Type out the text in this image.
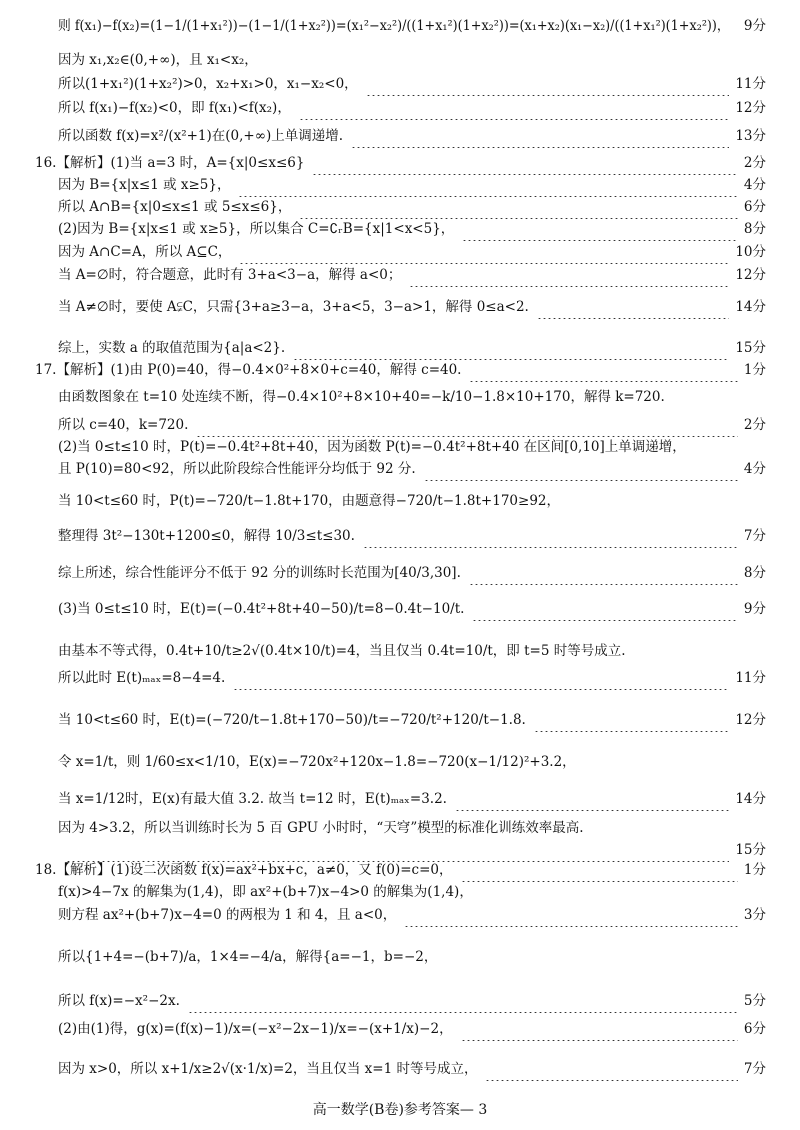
则 f(x₁)−f(x₂)=(1−1/(1+x₁²))−(1−1/(1+x₂²))=(x₁²−x₂²)/((1+x₁²)(1+x₂²))=(x₁+x₂)(x₁−x₂)/((1+x₁²)(1+x₂²))， 9分
因为 x₁,x₂∈(0,+∞)，且 x₁<x₂，
所以(1+x₁²)(1+x₂²)>0，x₂+x₁>0，x₁−x₂<0，	11分
所以 f(x₁)−f(x₂)<0，即 f(x₁)<f(x₂)，	12分
所以函数 f(x)=x²/(x²+1)在(0,+∞)上单调递增.	13分
16.【解析】(1)当 a=3 时，A={x|0≤x≤6}	2分
因为 B={x|x≤1 或 x≥5}，	4分
所以 A∩B={x|0≤x≤1 或 5≤x≤6}，	6分
(2)因为 B={x|x≤1 或 x≥5}，所以集合 C=∁ᵣB={x|1<x<5}，	8分
因为 A∩C=A，所以 A⊆C，	10分
当 A=∅时，符合题意，此时有 3+a<3−a，解得 a<0；	12分
当 A≠∅时，要使 A⫋C，只需{3+a≥3−a，3+a<5，3−a>1，解得 0≤a<2.	14分
综上，实数 a 的取值范围为{a|a<2}.	15分
17.【解析】(1)由 P(0)=40，得−0.4×0²+8×0+c=40，解得 c=40.	1分
由函数图象在 t=10 处连续不断，得−0.4×10²+8×10+40=−k/10−1.8×10+170，解得 k=720.
所以 c=40，k=720.	2分
(2)当 0≤t≤10 时，P(t)=−0.4t²+8t+40，因为函数 P(t)=−0.4t²+8t+40 在区间[0,10]上单调递增，
且 P(10)=80<92，所以此阶段综合性能评分均低于 92 分.	4分
当 10<t≤60 时，P(t)=−720/t−1.8t+170，由题意得−720/t−1.8t+170≥92，
整理得 3t²−130t+1200≤0，解得 10/3≤t≤30.	7分
综上所述，综合性能评分不低于 92 分的训练时长范围为[40/3,30].	8分
(3)当 0≤t≤10 时，E(t)=(−0.4t²+8t+40−50)/t=8−0.4t−10/t.	9分
由基本不等式得，0.4t+10/t≥2√(0.4t×10/t)=4，当且仅当 0.4t=10/t，即 t=5 时等号成立.
所以此时 E(t)ₘₐₓ=8−4=4.	11分
当 10<t≤60 时，E(t)=(−720/t−1.8t+170−50)/t=−720/t²+120/t−1.8.	12分
令 x=1/t，则 1/60≤x<1/10，E(x)=−720x²+120x−1.8=−720(x−1/12)²+3.2，
当 x=1/12时，E(x)有最大值 3.2. 故当 t=12 时，E(t)ₘₐₓ=3.2.	14分
因为 4>3.2，所以当训练时长为 5 百 GPU 小时时，“天穹”模型的标准化训练效率最高.
15分
18.【解析】(1)设二次函数 f(x)=ax²+bx+c，a≠0，又 f(0)=c=0，	1分
f(x)>4−7x 的解集为(1,4)，即 ax²+(b+7)x−4>0 的解集为(1,4)，
则方程 ax²+(b+7)x−4=0 的两根为 1 和 4，且 a<0，	3分
所以{1+4=−(b+7)/a，1×4=−4/a，解得{a=−1，b=−2，
所以 f(x)=−x²−2x.	5分
(2)由(1)得，g(x)=(f(x)−1)/x=(−x²−2x−1)/x=−(x+1/x)−2，	6分
因为 x>0，所以 x+1/x≥2√(x·1/x)=2，当且仅当 x=1 时等号成立，	7分
高一数学(B卷)参考答案— 3
